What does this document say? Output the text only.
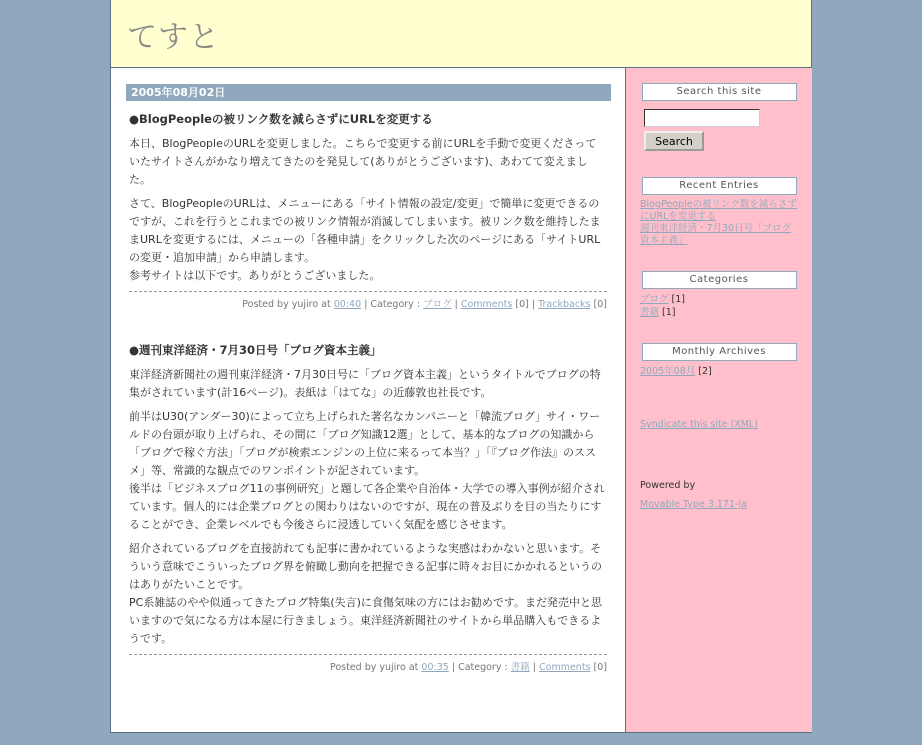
てすと
2005年08月02日
●BlogPeopleの被リンク数を減らさずにURLを変更する

本日、BlogPeopleのURLを変更しました。こちらで変更する前にURLを手動で変更くださっていたサイトさんがかなり増えてきたのを発見して(ありがとうございます)、あわてて変えました。

さて、BlogPeopleのURLは、メニューにある「サイト情報の設定/変更」で簡単に変更できるのですが、これを行うとこれまでの被リンク情報が消滅してしまいます。被リンク数を維持したままURLを変更するには、メニューの「各種申請」をクリックした次のページにある「サイトURLの変更・追加申請」から申請します。

参考サイトは以下です。ありがとうございました。

Posted by yujiro at 00:40 | Category : ブログ | Comments [0] | Trackbacks [0]
●週刊東洋経済・7月30日号「ブログ資本主義」

東洋経済新聞社の週刊東洋経済・7月30日号に「ブログ資本主義」というタイトルでブログの特集がされています(計16ページ)。表紙は「はてな」の近藤敦也社長です。

前半はU30(アンダー30)によって立ち上げられた著名なカンパニーと「韓流ブログ」サイ・ワールドの台頭が取り上げられ、その間に「ブログ知識12選」として、基本的なブログの知識から「ブログで稼ぐ方法」「ブログが検索エンジンの上位に来るって本当？」「『ブログ作法』のススメ」等、常識的な観点でのワンポイントが記されています。

後半は「ビジネスブログ11の事例研究」と題して各企業や自治体・大学での導入事例が紹介されています。個人的には企業ブログとの関わりはないのですが、現在の普及ぶりを目の当たりにすることができ、企業レベルでも今後さらに浸透していく気配を感じさせます。

紹介されているブログを直接訪れても記事に書かれているような実感はわかないと思います。そういう意味でこういったブログ界を俯瞰し動向を把握できる記事に時々お目にかかれるというのはありがたいことです。

PC系雑誌のやや似通ってきたブログ特集(失言)に食傷気味の方にはお勧めです。まだ発売中と思いますので気になる方は本屋に行きましょう。東洋経済新聞社のサイトから単品購入もできるようです。

Posted by yujiro at 00:35 | Category : 書籍 | Comments [0]
Search this site
Search
Recent Entries
BlogPeopleの被リンク数を減らさずにURLを変更する
週刊東洋経済・7月30日号「ブログ資本主義」
Categories
ブログ [1]
書籍 [1]
Monthly Archives
2005年08月 [2]
Syndicate this site (XML)
Powered by
Movable Type 3.171-ja
